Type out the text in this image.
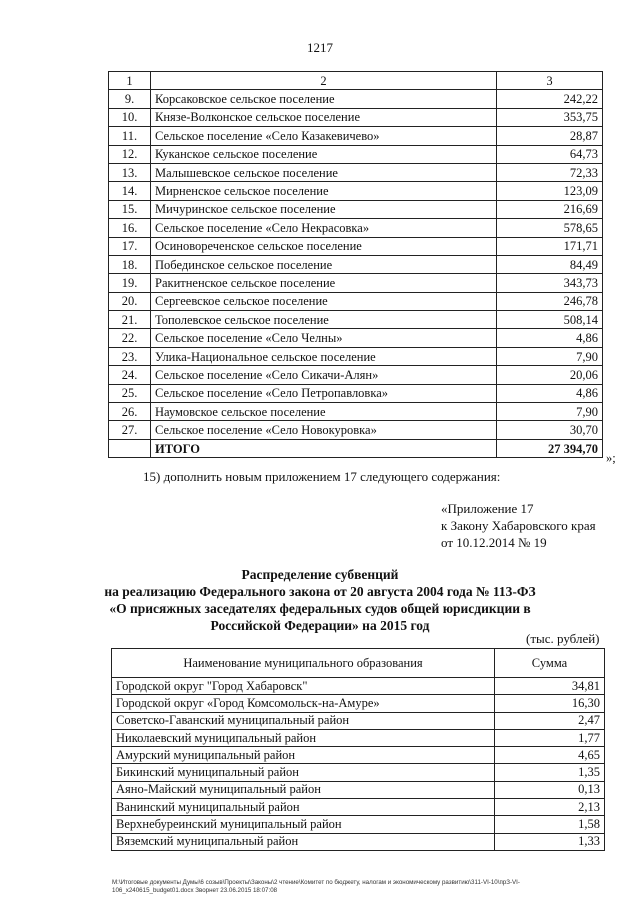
1217
1	2	3
9.	Корсаковское сельское поселение	242,22
10.	Князе-Волконское сельское поселение	353,75
11.	Сельское поселение «Село Казакевичево»	28,87
12.	Куканское сельское поселение	64,73
13.	Малышевское сельское поселение	72,33
14.	Мирненское сельское поселение	123,09
15.	Мичуринское сельское поселение	216,69
16.	Сельское поселение «Село Некрасовка»	578,65
17.	Осиновореченское сельское поселение	171,71
18.	Побединское сельское поселение	84,49
19.	Ракитненское сельское поселение	343,73
20.	Сергеевское сельское поселение	246,78
21.	Тополевское сельское поселение	508,14
22.	Сельское поселение «Село Челны»	4,86
23.	Улика-Национальное сельское поселение	7,90
24.	Сельское поселение «Село Сикачи-Алян»	20,06
25.	Сельское поселение «Село Петропавловка»	4,86
26.	Наумовское сельское поселение	7,90
27.	Сельское поселение «Село Новокуровка»	30,70
	ИТОГО	27 394,70
»;
15) дополнить новым приложением 17 следующего содержания:
«Приложение 17
к Закону Хабаровского края
от 10.12.2014 № 19
Распределение субвенций
на реализацию Федерального закона от 20 августа 2004 года № 113-ФЗ
«О присяжных заседателях федеральных судов общей юрисдикции в
Российской Федерации» на 2015 год
(тыс. рублей)
Наименование муниципального образования	Сумма
Городской округ "Город Хабаровск"	34,81
Городской округ «Город Комсомольск-на-Амуре»	16,30
Советско-Гаванский муниципальный район	2,47
Николаевский муниципальный район	1,77
Амурский муниципальный район	4,65
Бикинский муниципальный район	1,35
Аяно-Майский муниципальный район	0,13
Ванинский муниципальный район	2,13
Верхнебуреинский муниципальный район	1,58
Вяземский муниципальный район	1,33
M:\Итоговые документы Думы\6 созыв\Проекты\Законы\2 чтение\Комитет по бюджету, налогам и экономическому развитию\311-VI-10\прЗ-VI-
106_x240615_budget01.docx Зворнет 23.06.2015 18:07:08
